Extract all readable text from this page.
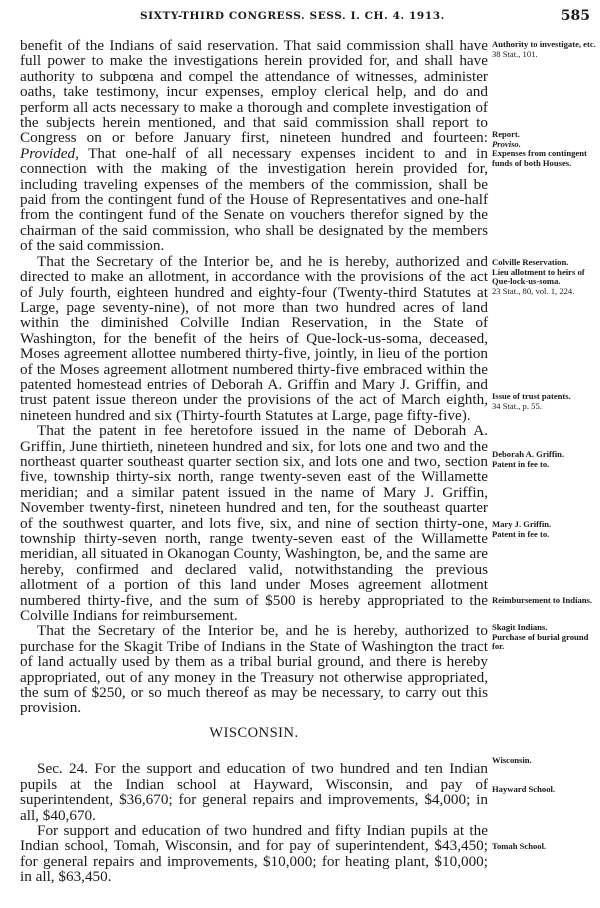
SIXTY-THIRD CONGRESS. SESS. I. CH. 4. 1913.	585

benefit of the Indians of said reservation. That said commission shall have full power to make the investigations herein provided for, and shall have authority to subpœna and compel the attendance of witnesses, administer oaths, take testimony, incur expenses, employ clerical help, and do and perform all acts necessary to make a thorough and complete investigation of the subjects herein mentioned, and that said commission shall report to Congress on or before January first, nineteen hundred and fourteen: Provided, That one-half of all necessary expenses incident to and in connection with the making of the investigation herein provided for, including traveling expenses of the members of the commission, shall be paid from the contingent fund of the House of Representatives and one-half from the contingent fund of the Senate on vouchers therefor signed by the chairman of the said commission, who shall be designated by the members of the said commission.

That the Secretary of the Interior be, and he is hereby, authorized and directed to make an allotment, in accordance with the provisions of the act of July fourth, eighteen hundred and eighty-four (Twenty-third Statutes at Large, page seventy-nine), of not more than two hundred acres of land within the diminished Colville Indian Reservation, in the State of Washington, for the benefit of the heirs of Que-lock-us-soma, deceased, Moses agreement allottee numbered thirty-five, jointly, in lieu of the portion of the Moses agreement allotment numbered thirty-five embraced within the patented homestead entries of Deborah A. Griffin and Mary J. Griffin, and trust patent issue thereon under the provisions of the act of March eighth, nineteen hundred and six (Thirty-fourth Statutes at Large, page fifty-five).

That the patent in fee heretofore issued in the name of Deborah A. Griffin, June thirtieth, nineteen hundred and six, for lots one and two and the northeast quarter southeast quarter section six, and lots one and two, section five, township thirty-six north, range twenty-seven east of the Willamette meridian; and a similar patent issued in the name of Mary J. Griffin, November twenty-first, nineteen hundred and ten, for the southeast quarter of the southwest quarter, and lots five, six, and nine of section thirty-one, township thirty-seven north, range twenty-seven east of the Willamette meridian, all situated in Okanogan County, Washington, be, and the same are hereby, confirmed and declared valid, notwithstanding the previous allotment of a portion of this land under Moses agreement allotment numbered thirty-five, and the sum of $500 is hereby appropriated to the Colville Indians for reimbursement.

That the Secretary of the Interior be, and he is hereby, authorized to purchase for the Skagit Tribe of Indians in the State of Washington the tract of land actually used by them as a tribal burial ground, and there is hereby appropriated, out of any money in the Treasury not otherwise appropriated, the sum of $250, or so much thereof as may be necessary, to carry out this provision.

WISCONSIN.

Sec. 24. For the support and education of two hundred and ten Indian pupils at the Indian school at Hayward, Wisconsin, and pay of superintendent, $36,670; for general repairs and improvements, $4,000; in all, $40,670.

For support and education of two hundred and fifty Indian pupils at the Indian school, Tomah, Wisconsin, and for pay of superintendent, $43,450; for general repairs and improvements, $10,000; for heating plant, $10,000; in all, $63,450.

Authority to investigate, etc.
38 Stat., 101.
Report.
Proviso.
Expenses from contingent funds of both Houses.
Colville Reservation.
Lieu allotment to heirs of Que-lock-us-soma.
23 Stat., 80, vol. 1, 224.
Issue of trust patents.
34 Stat., p. 55.
Deborah A. Griffin.
Patent in fee to.
Mary J. Griffin.
Patent in fee to.
Reimbursement to Indians.
Skagit Indians.
Purchase of burial ground for.
Wisconsin.
Hayward School.
Tomah School.
